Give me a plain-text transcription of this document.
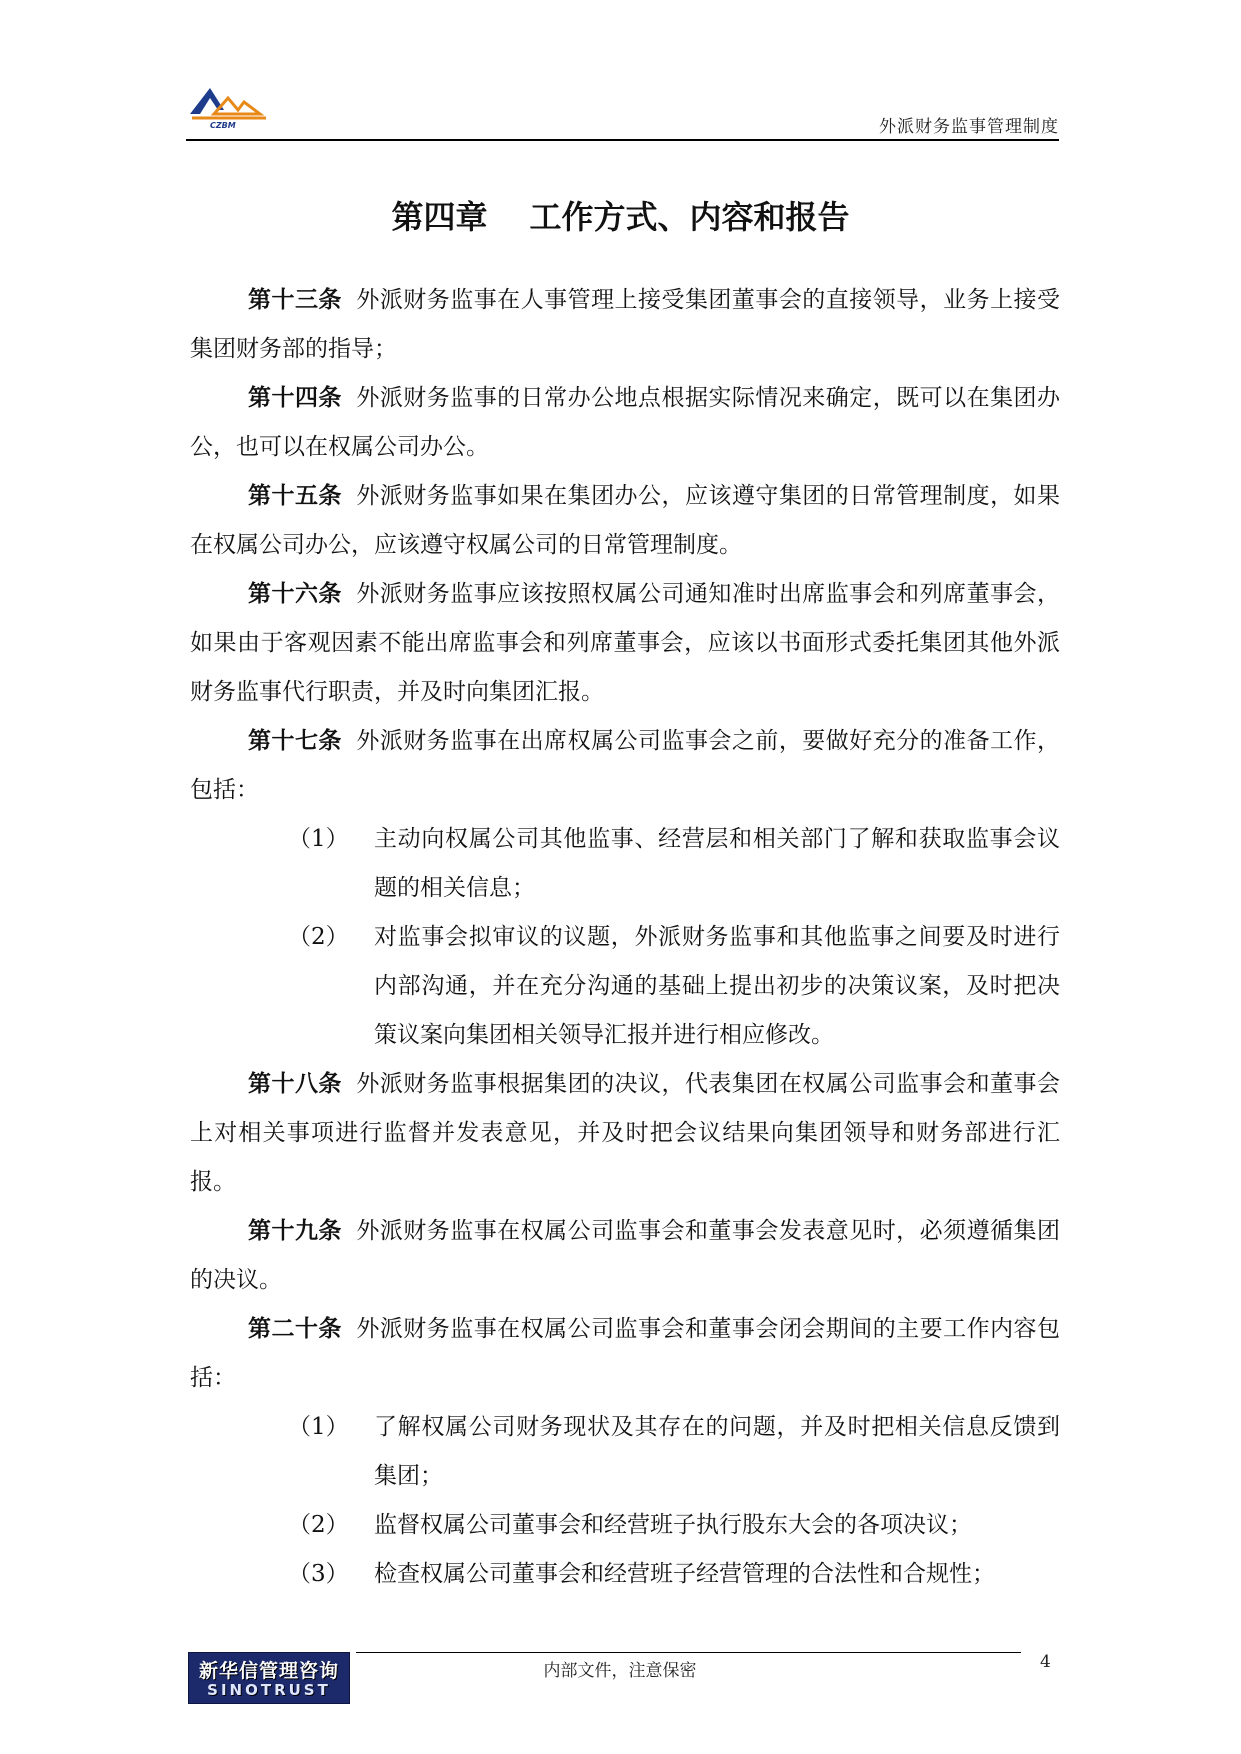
CZBM	外派财务监事管理制度
第四章 工作方式、内容和报告

第十三条 外派财务监事在人事管理上接受集团董事会的直接领导，业务上接受集团财务部的指导；

第十四条 外派财务监事的日常办公地点根据实际情况来确定，既可以在集团办公，也可以在权属公司办公。

第十五条 外派财务监事如果在集团办公，应该遵守集团的日常管理制度，如果在权属公司办公，应该遵守权属公司的日常管理制度。

第十六条 外派财务监事应该按照权属公司通知准时出席监事会和列席董事会，如果由于客观因素不能出席监事会和列席董事会，应该以书面形式委托集团其他外派财务监事代行职责，并及时向集团汇报。

第十七条 外派财务监事在出席权属公司监事会之前，要做好充分的准备工作，包括：

（1）	主动向权属公司其他监事、经营层和相关部门了解和获取监事会议题的相关信息；
（2）	对监事会拟审议的议题，外派财务监事和其他监事之间要及时进行内部沟通，并在充分沟通的基础上提出初步的决策议案，及时把决策议案向集团相关领导汇报并进行相应修改。

第十八条 外派财务监事根据集团的决议，代表集团在权属公司监事会和董事会上对相关事项进行监督并发表意见，并及时把会议结果向集团领导和财务部进行汇报。

第十九条 外派财务监事在权属公司监事会和董事会发表意见时，必须遵循集团的决议。

第二十条 外派财务监事在权属公司监事会和董事会闭会期间的主要工作内容包括：

（1）	了解权属公司财务现状及其存在的问题，并及时把相关信息反馈到集团；
（2）	监督权属公司董事会和经营班子执行股东大会的各项决议；
（3）	检查权属公司董事会和经营班子经营管理的合法性和合规性；
新华信管理咨询
SINOTRUST
内部文件，注意保密	4
